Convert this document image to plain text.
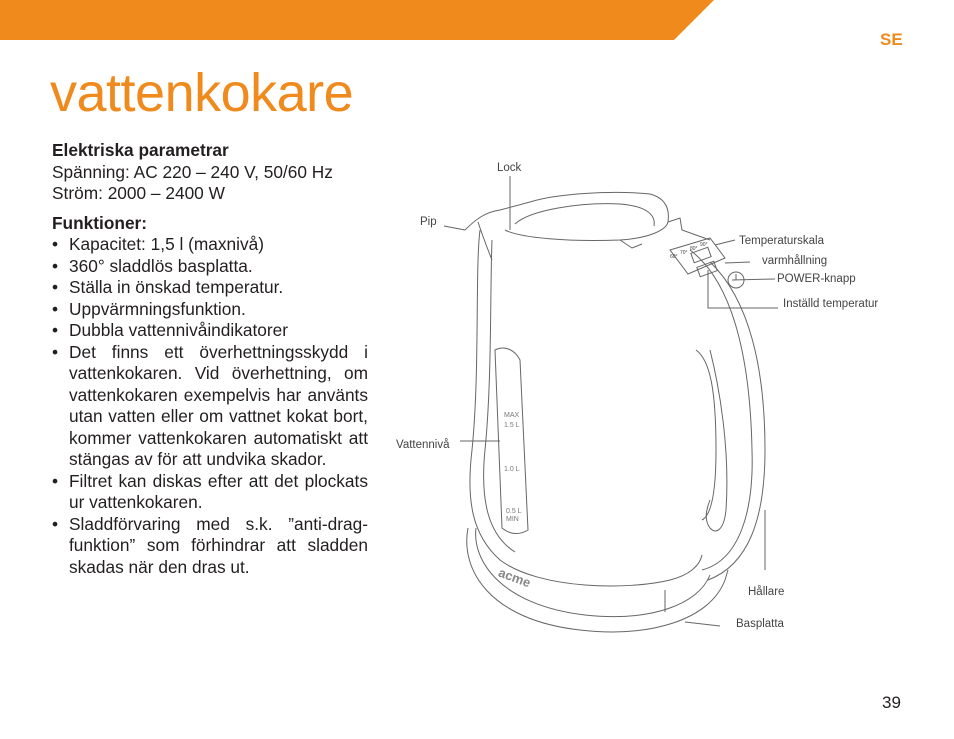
SE
vattenkokare
Elektriska parametrar
Spänning: AC 220 – 240 V, 50/60 Hz
Ström: 2000 – 2400 W
Funktioner:
• Kapacitet: 1,5 l (maxnivå)
• 360° sladdlös basplatta.
• Ställa in önskad temperatur.
• Uppvärmningsfunktion.
• Dubbla vattennivåindikatorer
• Det finns ett överhettningsskydd i vattenkokaren. Vid överhettning, om vattenkokaren exempelvis har använts utan vatten eller om vattnet kokat bort, kommer vattenkokaren automatiskt att stängas av för att undvika skador.
• Filtret kan diskas efter att det plockats ur vattenkokaren.
• Sladdförvaring med s.k. ”anti-drag-funktion” som förhindrar att sladden skadas när den dras ut.
MAX
1.5 L
1.0 L
0.5 L
MIN
acme
60°
70°
80°
90°
Lock
Pip
Temperaturskala
varmhållning
POWER-knapp
Inställd temperatur
Vattennivå
Hållare
Basplatta
39
